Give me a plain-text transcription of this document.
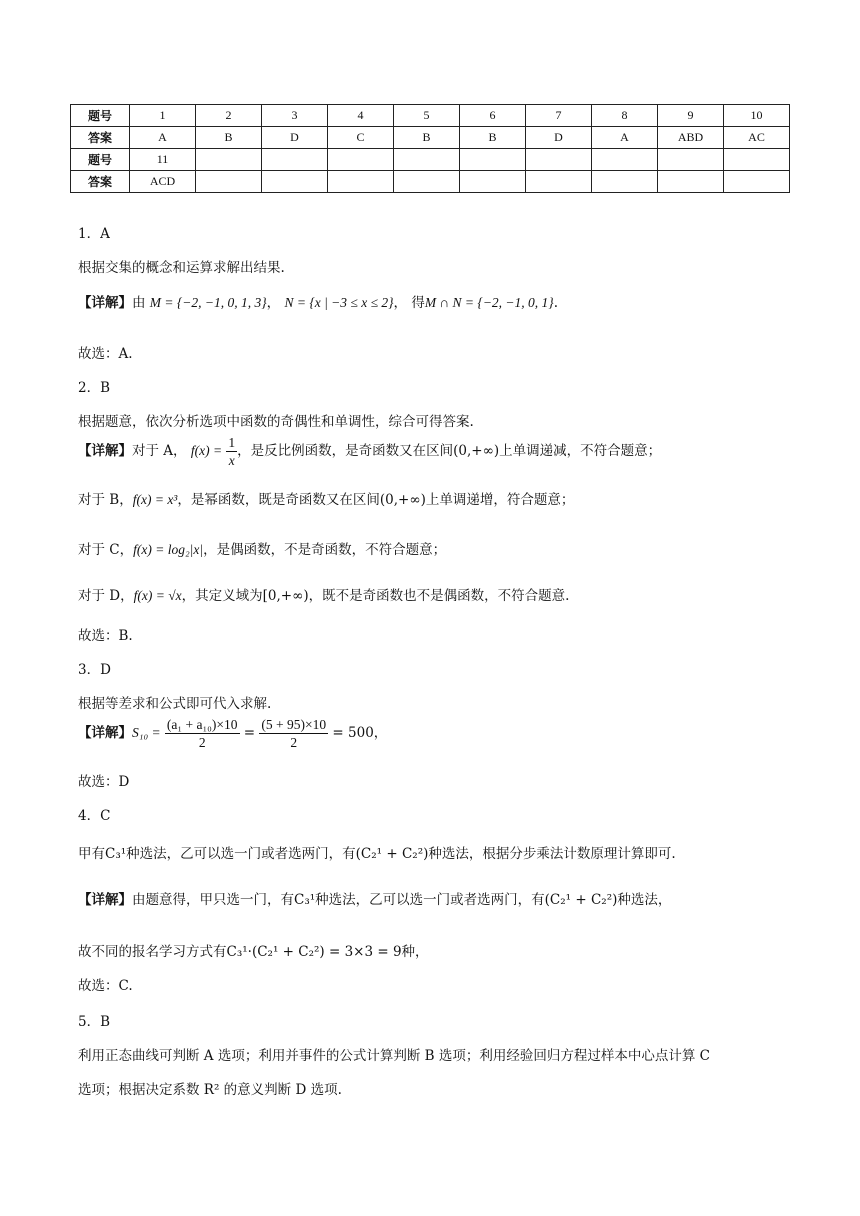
题号	1	2	3	4	5	6	7	8	9	10
答案	A	B	D	C	B	B	D	A	ABD	AC
题号	11									
答案	ACD									

1．A

根据交集的概念和运算求解出结果.

【详解】由 M = {−2, −1, 0, 1, 3}， N = {x | −3 ≤ x ≤ 2}， 得M ∩ N = {−2, −1, 0, 1}.

故选：A.

2．B

根据题意，依次分析选项中函数的奇偶性和单调性，综合可得答案.

【详解】对于 A， $f(x) = \frac{1}{x}$ ，是反比例函数，是奇函数又在区间(0,+∞)上单调递减，不符合题意；

对于 B，f(x) = x³，是幂函数，既是奇函数又在区间(0,+∞)上单调递增，符合题意；

对于 C，f(x) = log₂|x|，是偶函数，不是奇函数，不符合题意；

对于 D，f(x) = √x，其定义域为[0,+∞)，既不是奇函数也不是偶函数，不符合题意.

故选：B.

3．D

根据等差求和公式即可代入求解.

【详解】$S_{10} = \frac{\text{(a₁ + a₁₀)×10}}{2} = \frac{(5 + 95)\times 10}{2} = 500$，

故选：D

4．C

甲有C₃¹种选法，乙可以选一门或者选两门，有(C₂¹ + C₂²)种选法，根据分步乘法计数原理计算即可.

【详解】由题意得，甲只选一门，有C₃¹种选法，乙可以选一门或者选两门，有(C₂¹ + C₂²)种选法，

故不同的报名学习方式有C₃¹·(C₂¹ + C₂²) = 3×3 = 9种，

故选：C.

5．B

利用正态曲线可判断 A 选项；利用并事件的公式计算判断 B 选项；利用经验回归方程过样本中心点计算 C

选项；根据决定系数 R² 的意义判断 D 选项.
